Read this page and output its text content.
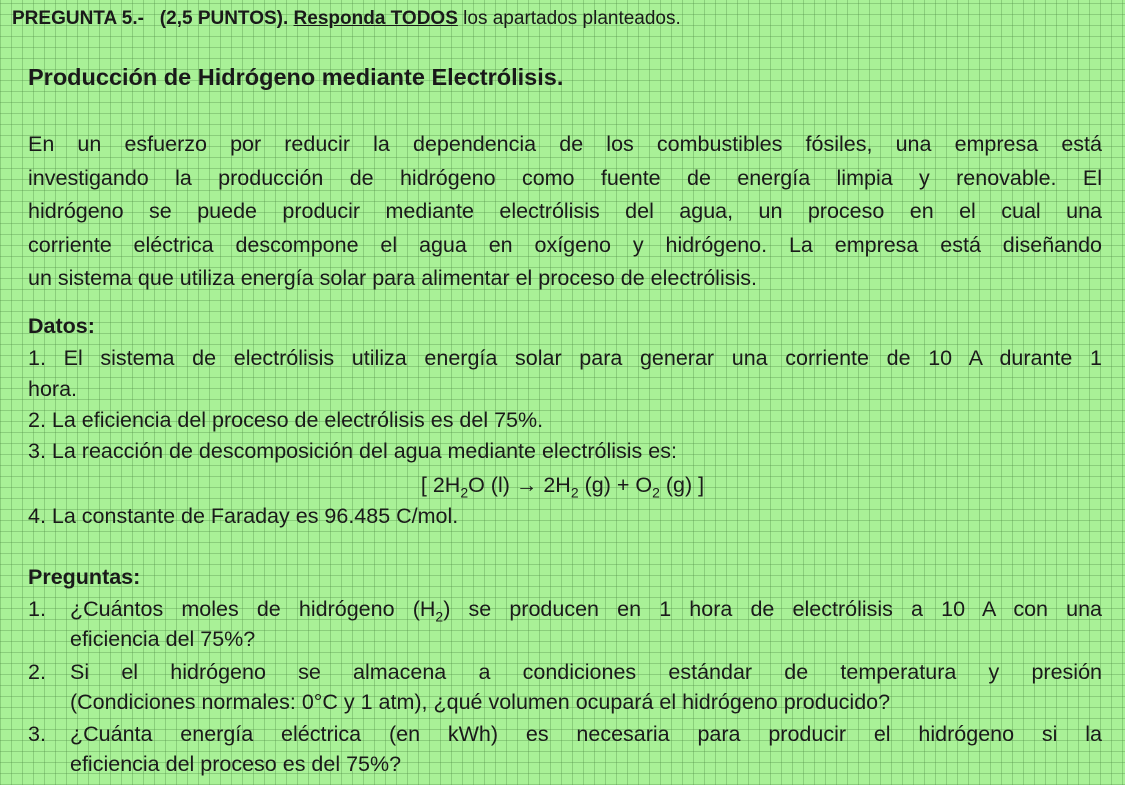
PREGUNTA 5.- (2,5 PUNTOS). Responda TODOS los apartados planteados.
Producción de Hidrógeno mediante Electrólisis.
En un esfuerzo por reducir la dependencia de los combustibles fósiles, una empresa está
investigando la producción de hidrógeno como fuente de energía limpia y renovable. El
hidrógeno se puede producir mediante electrólisis del agua, un proceso en el cual una
corriente eléctrica descompone el agua en oxígeno y hidrógeno. La empresa está diseñando
un sistema que utiliza energía solar para alimentar el proceso de electrólisis.
Datos:
1. El sistema de electrólisis utiliza energía solar para generar una corriente de 10 A durante 1
hora.
2. La eficiencia del proceso de electrólisis es del 75%.
3. La reacción de descomposición del agua mediante electrólisis es:
[ $2H_2O$ $(l) \to 2H_2$ $(g) + O_2$ (g) ]
4. La constante de Faraday es 96.485 C/mol.
Preguntas:
1. ¿Cuántos moles de hidrógeno $(H_2)$ se producen en 1 hora de electrólisis a 10 A con una
eficiencia del 75%?
2. Si el hidrógeno se almacena a condiciones estándar de temperatura y presión
(Condiciones normales: 0°C y 1 atm), ¿qué volumen ocupará el hidrógeno producido?
3. ¿Cuánta energía eléctrica (en kWh) es necesaria para producir el hidrógeno si la
eficiencia del proceso es del 75%?
